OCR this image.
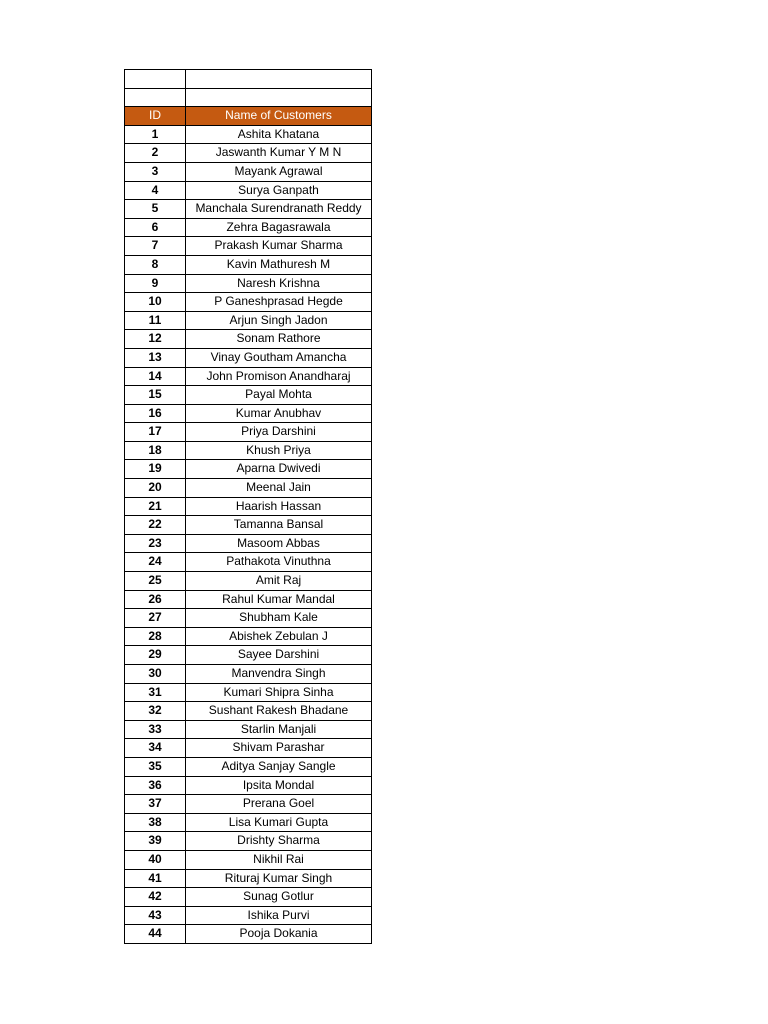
ID	Name of Customers
1	Ashita Khatana
2	Jaswanth Kumar Y M N
3	Mayank Agrawal
4	Surya Ganpath
5	Manchala Surendranath Reddy
6	Zehra Bagasrawala
7	Prakash Kumar Sharma
8	Kavin Mathuresh M
9	Naresh Krishna
10	P Ganeshprasad Hegde
11	Arjun Singh Jadon
12	Sonam Rathore
13	Vinay Goutham Amancha
14	John Promison Anandharaj
15	Payal Mohta
16	Kumar Anubhav
17	Priya Darshini
18	Khush Priya
19	Aparna Dwivedi
20	Meenal Jain
21	Haarish Hassan
22	Tamanna Bansal
23	Masoom Abbas
24	Pathakota Vinuthna
25	Amit Raj
26	Rahul Kumar Mandal
27	Shubham Kale
28	Abishek Zebulan J
29	Sayee Darshini
30	Manvendra Singh
31	Kumari Shipra Sinha
32	Sushant Rakesh Bhadane
33	Starlin Manjali
34	Shivam Parashar
35	Aditya Sanjay Sangle
36	Ipsita Mondal
37	Prerana Goel
38	Lisa Kumari Gupta
39	Drishty Sharma
40	Nikhil Rai
41	Rituraj Kumar Singh
42	Sunag Gotlur
43	Ishika Purvi
44	Pooja Dokania
